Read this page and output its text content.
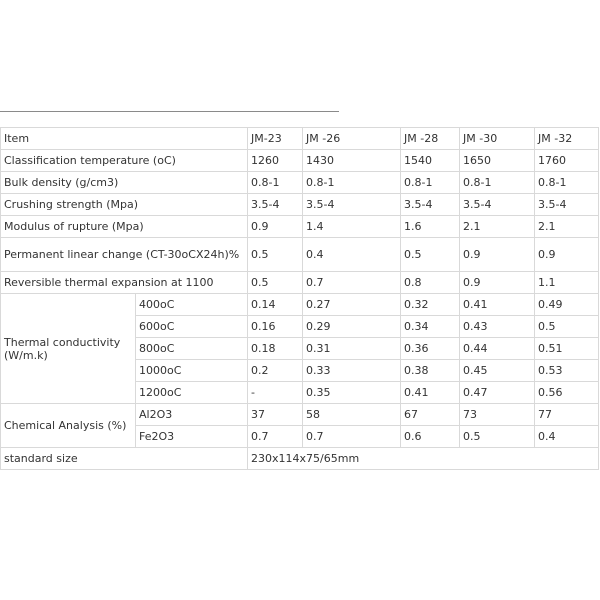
Item		JM-23	JM -26	JM -28	JM -30	JM -32
Classification temperature (oC)		1260	1430	1540	1650	1760
Bulk density (g/cm3)		0.8-1	0.8-1	0.8-1	0.8-1	0.8-1
Crushing strength (Mpa)		3.5-4	3.5-4	3.5-4	3.5-4	3.5-4
Modulus of rupture (Mpa)		0.9	1.4	1.6	2.1	2.1
Permanent linear change (CT-30oCX24h)%		0.5	0.4	0.5	0.9	0.9
Reversible thermal expansion at 1100		0.5	0.7	0.8	0.9	1.1
Thermal conductivity (W/m.k)	400oC	0.14	0.27	0.32	0.41	0.49
	600oC	0.16	0.29	0.34	0.43	0.5
	800oC	0.18	0.31	0.36	0.44	0.51
	1000oC	0.2	0.33	0.38	0.45	0.53
	1200oC	-	0.35	0.41	0.47	0.56
Chemical Analysis (%)	Al2O3	37	58	67	73	77
	Fe2O3	0.7	0.7	0.6	0.5	0.4
standard size		230x114x75/65mm				
